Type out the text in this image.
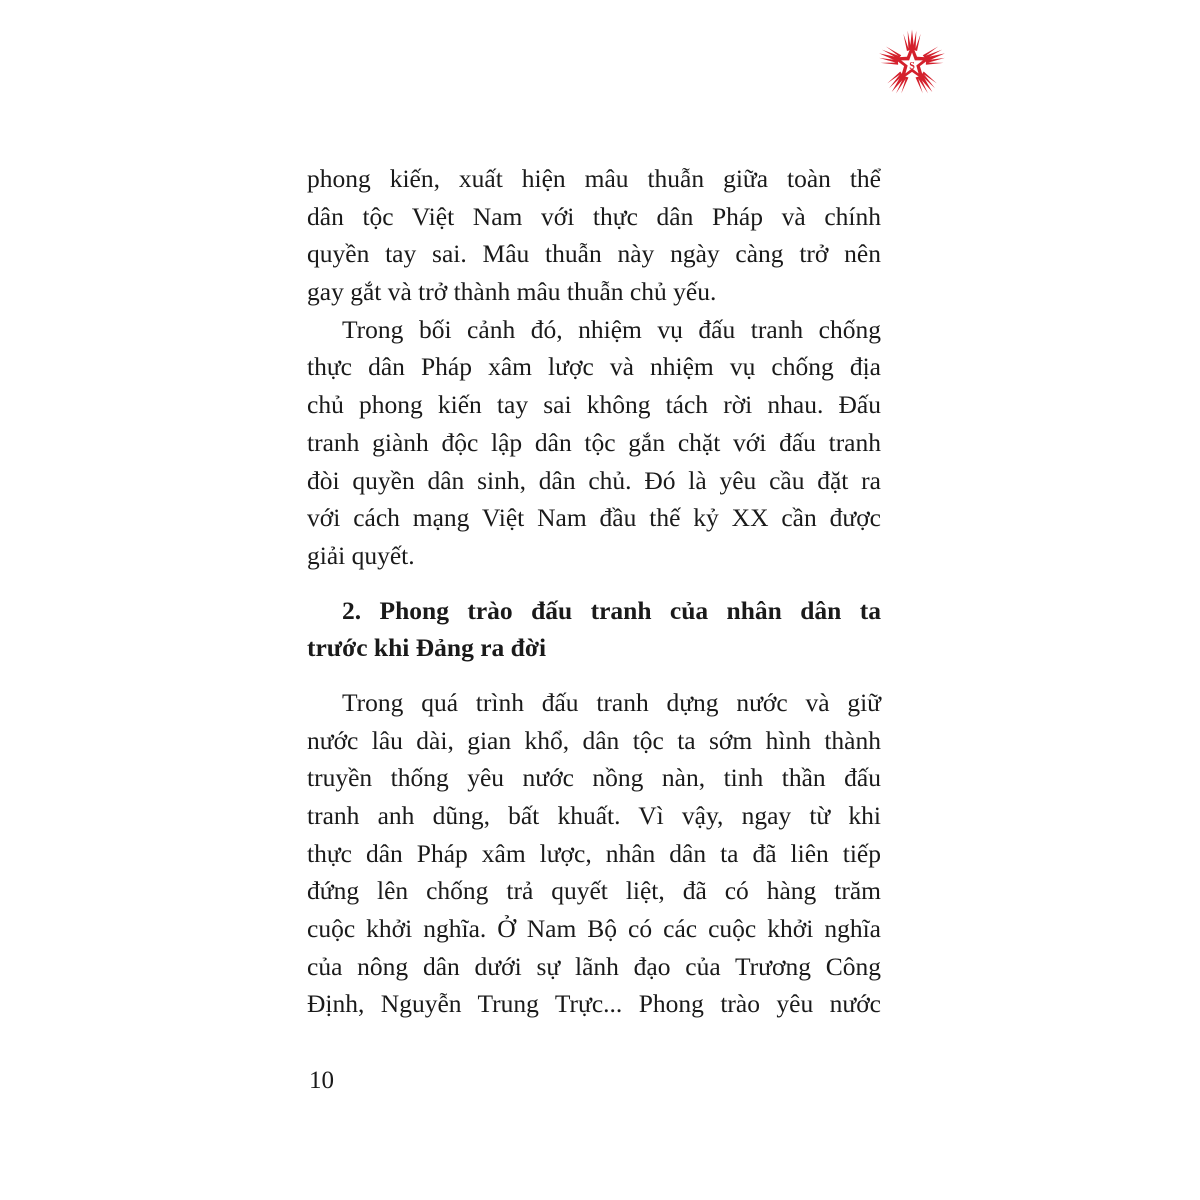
S
phong kiến, xuất hiện mâu thuẫn giữa toàn thể
dân tộc Việt Nam với thực dân Pháp và chính
quyền tay sai. Mâu thuẫn này ngày càng trở nên
gay gắt và trở thành mâu thuẫn chủ yếu.
Trong bối cảnh đó, nhiệm vụ đấu tranh chống
thực dân Pháp xâm lược và nhiệm vụ chống địa
chủ phong kiến tay sai không tách rời nhau. Đấu
tranh giành độc lập dân tộc gắn chặt với đấu tranh
đòi quyền dân sinh, dân chủ. Đó là yêu cầu đặt ra
với cách mạng Việt Nam đầu thế kỷ XX cần được
giải quyết.
2. Phong trào đấu tranh của nhân dân ta
trước khi Đảng ra đời
Trong quá trình đấu tranh dựng nước và giữ
nước lâu dài, gian khổ, dân tộc ta sớm hình thành
truyền thống yêu nước nồng nàn, tinh thần đấu
tranh anh dũng, bất khuất. Vì vậy, ngay từ khi
thực dân Pháp xâm lược, nhân dân ta đã liên tiếp
đứng lên chống trả quyết liệt, đã có hàng trăm
cuộc khởi nghĩa. Ở Nam Bộ có các cuộc khởi nghĩa
của nông dân dưới sự lãnh đạo của Trương Công
Định, Nguyễn Trung Trực... Phong trào yêu nước
10
